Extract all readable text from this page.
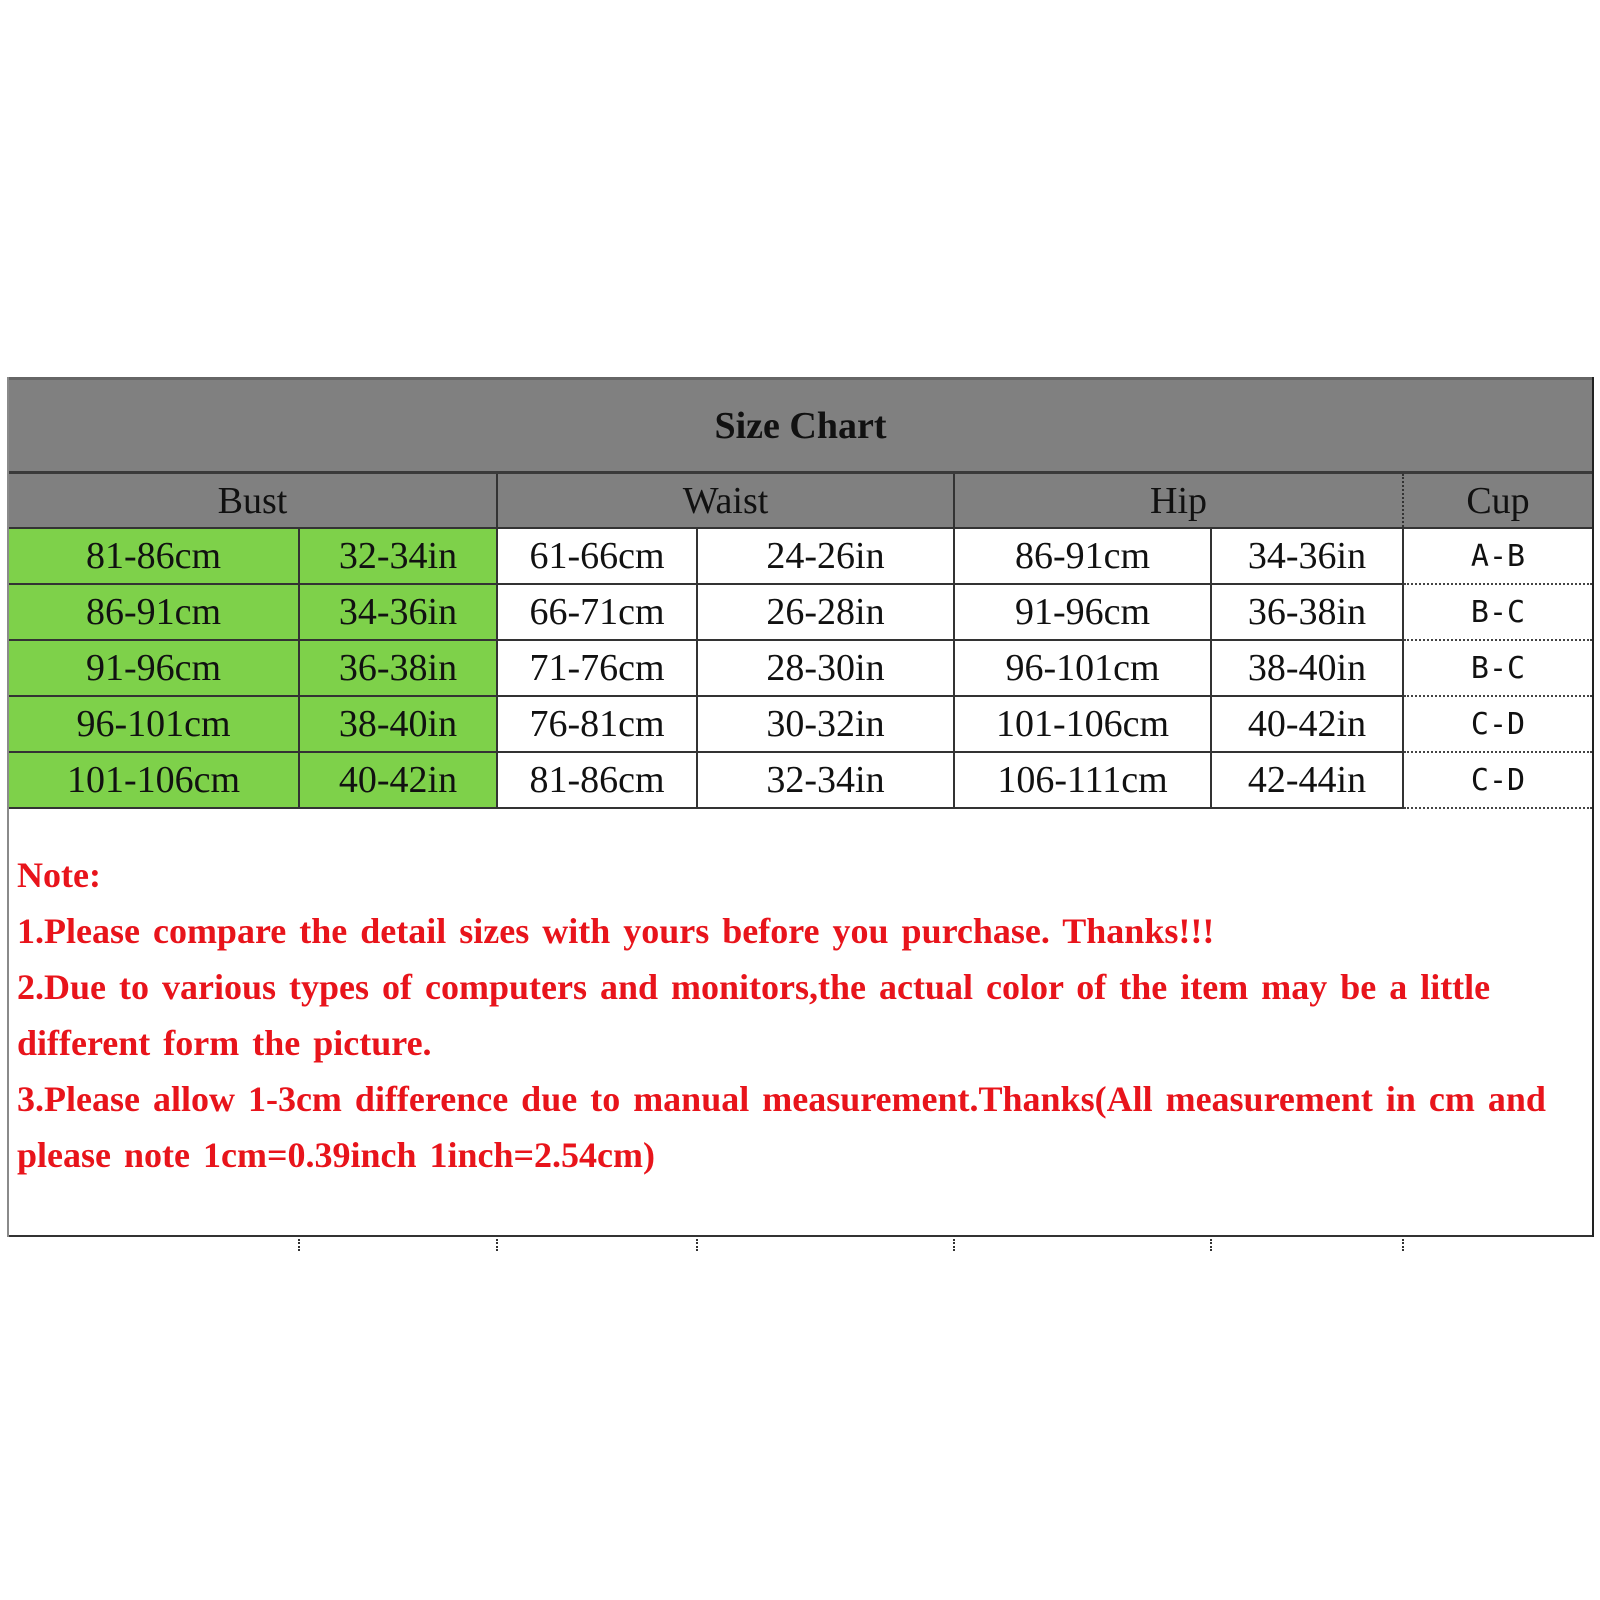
Size Chart
Bust		Waist		Hip		Cup
81-86cm	32-34in	61-66cm	24-26in	86-91cm	34-36in	A-B
86-91cm	34-36in	66-71cm	26-28in	91-96cm	36-38in	B-C
91-96cm	36-38in	71-76cm	28-30in	96-101cm	38-40in	B-C
96-101cm	38-40in	76-81cm	30-32in	101-106cm	40-42in	C-D
101-106cm	40-42in	81-86cm	32-34in	106-111cm	42-44in	C-D

Note:

1.Please compare the detail sizes with yours before you purchase. Thanks!!!

2.Due to various types of computers and monitors,the actual color of the item may be a little different form the picture.

3.Please allow 1-3cm difference due to manual measurement.Thanks(All measurement in cm and please note 1cm=0.39inch 1inch=2.54cm)
